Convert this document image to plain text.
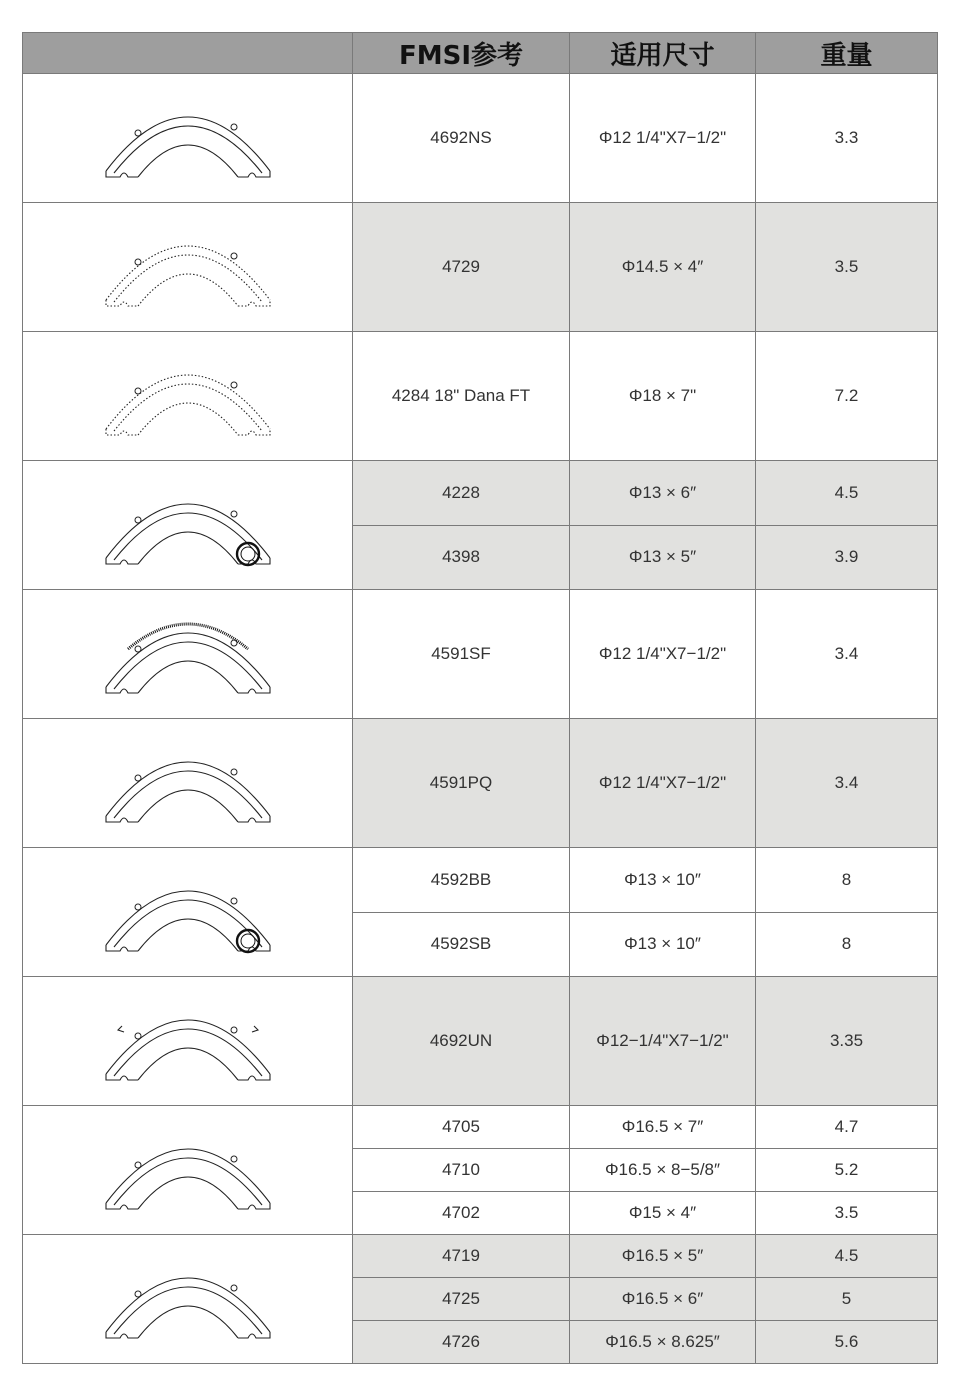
FMSI参考	适用尺寸	重量
4692NS	Φ12 1/4"X7−1/2"	3.3
4729	Φ14.5 × 4″	3.5
4284 18" Dana FT	Φ18 × 7"	7.2
4228	Φ13 × 6″	4.5
4398	Φ13 × 5″	3.9
4591SF	Φ12 1/4"X7−1/2"	3.4
4591PQ	Φ12 1/4"X7−1/2"	3.4
4592BB	Φ13 × 10″	8
4592SB	Φ13 × 10″	8
4692UN	Φ12−1/4"X7−1/2"	3.35
4705	Φ16.5 × 7″	4.7
4710	Φ16.5 × 8−5/8″	5.2
4702	Φ15 × 4″	3.5
4719	Φ16.5 × 5″	4.5
4725	Φ16.5 × 6″	5
4726	Φ16.5 × 8.625″	5.6
